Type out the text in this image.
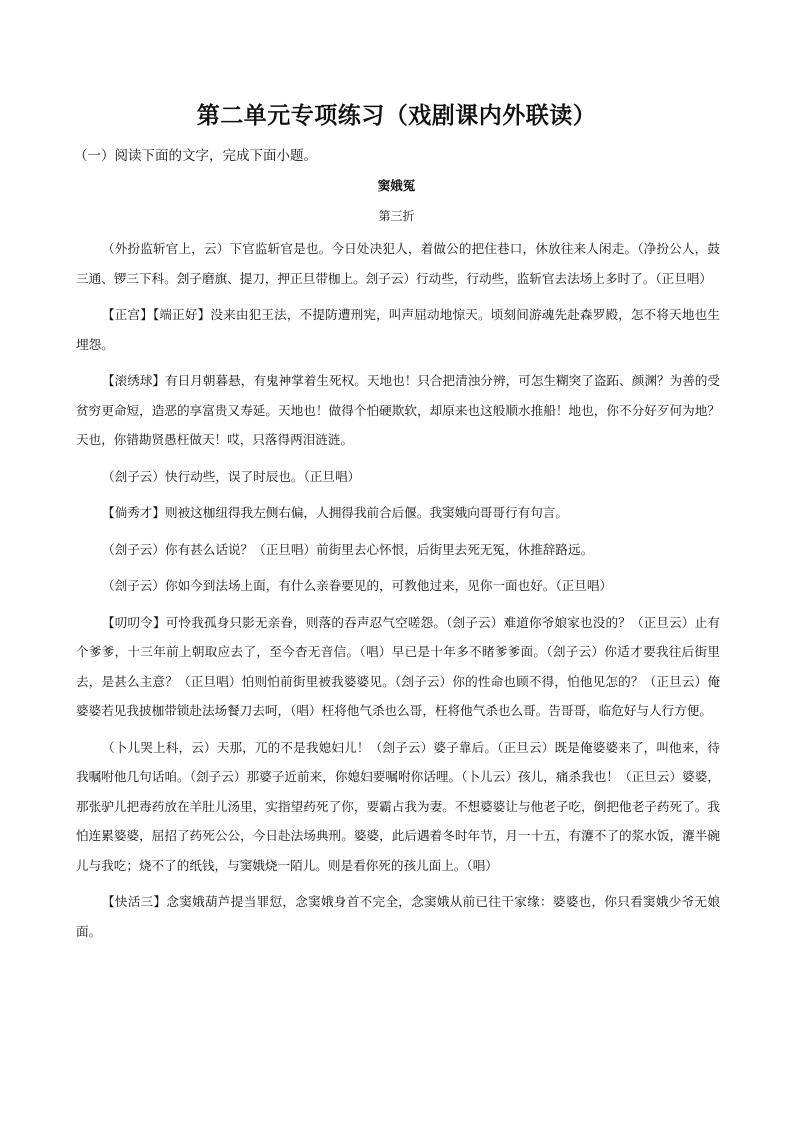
第二单元专项练习（戏剧课内外联读）
（一）阅读下面的文字，完成下面小题。
窦娥冤
第三折

（外扮监斩官上，云）下官监斩官是也。今日处决犯人，着做公的把住巷口，休放往来人闲走。（净扮公人，鼓三通、锣三下科。刽子磨旗、提刀，押正旦带枷上。刽子云）行动些，行动些，监斩官去法场上多时了。（正旦唱）

【正宫】【端正好】没来由犯王法，不提防遭刑宪，叫声屈动地惊天。顷刻间游魂先赴森罗殿，怎不将天地也生埋怨。

【滚绣球】有日月朝暮悬，有鬼神掌着生死权。天地也！只合把清浊分辨，可怎生糊突了盗跖、颜渊？为善的受贫穷更命短，造恶的享富贵又寿延。天地也！做得个怕硬欺软，却原来也这般顺水推船！地也，你不分好歹何为地？天也，你错勘贤愚枉做天！哎，只落得两泪涟涟。

（刽子云）快行动些，误了时辰也。（正旦唱）

【倘秀才】则被这枷纽得我左侧右偏，人拥得我前合后偃。我窦娥向哥哥行有句言。

（刽子云）你有甚么话说？（正旦唱）前街里去心怀恨，后街里去死无冤，休推辞路远。

（刽子云）你如今到法场上面，有什么亲眷要见的，可教他过来，见你一面也好。（正旦唱）

【叨叨令】可怜我孤身只影无亲眷，则落的吞声忍气空嗟怨。（刽子云）难道你爷娘家也没的？（正旦云）止有个爹爹，十三年前上朝取应去了，至今杳无音信。（唱）早已是十年多不睹爹爹面。（刽子云）你适才要我往后街里去，是甚么主意？（正旦唱）怕则怕前街里被我婆婆见。（刽子云）你的性命也顾不得，怕他见怎的？（正旦云）俺婆婆若见我披枷带锁赴法场餐刀去呵，（唱）枉将他气杀也么哥，枉将他气杀也么哥。告哥哥，临危好与人行方便。

（卜儿哭上科，云）天那，兀的不是我媳妇儿！（刽子云）婆子靠后。（正旦云）既是俺婆婆来了，叫他来，待我嘱咐他几句话咱。（刽子云）那婆子近前来，你媳妇要嘱咐你话哩。（卜儿云）孩儿，痛杀我也！（正旦云）婆婆，那张驴儿把毒药放在羊肚儿汤里，实指望药死了你，要霸占我为妻。不想婆婆让与他老子吃，倒把他老子药死了。我怕连累婆婆，屈招了药死公公，今日赴法场典刑。婆婆，此后遇着冬时年节，月一十五，有瀽不了的浆水饭，瀽半碗儿与我吃；烧不了的纸钱，与窦娥烧一陌儿。则是看你死的孩儿面上。（唱）

【快活三】念窦娥葫芦提当罪愆，念窦娥身首不完全，念窦娥从前已往干家缘：婆婆也，你只看窦娥少爷无娘面。
